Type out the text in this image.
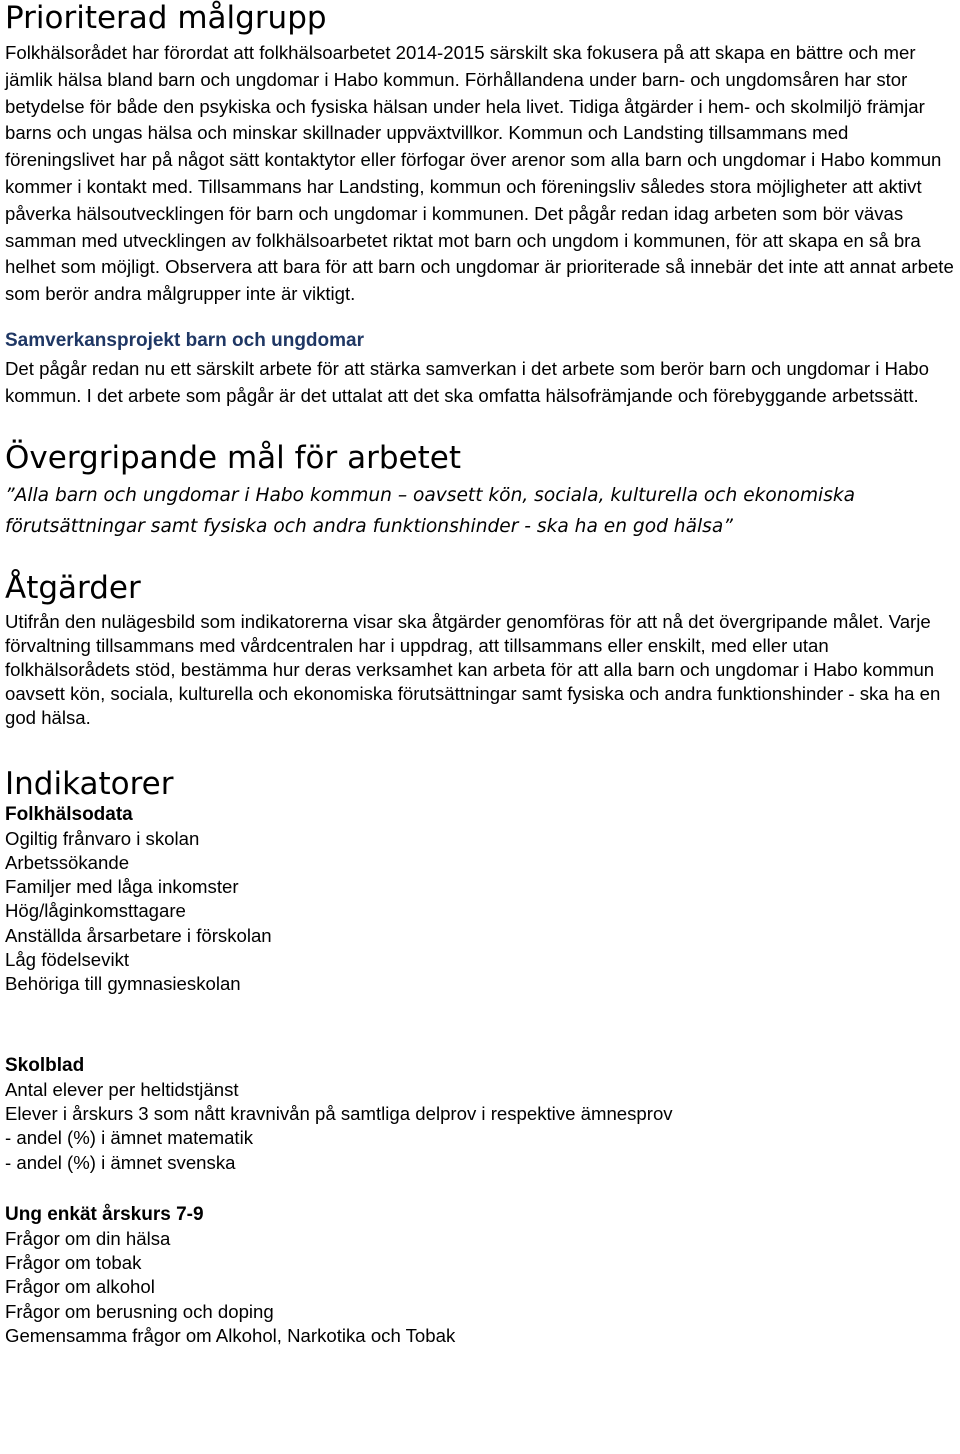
Prioriterad målgrupp

Folkhälsorådet har förordat att folkhälsoarbetet 2014-2015 särskilt ska fokusera på att skapa en bättre och mer jämlik hälsa bland barn och ungdomar i Habo kommun. Förhållandena under barn- och ungdomsåren har stor betydelse för både den psykiska och fysiska hälsan under hela livet. Tidiga åtgärder i hem- och skolmiljö främjar barns och ungas hälsa och minskar skillnader uppväxtvillkor. Kommun och Landsting tillsammans med föreningslivet har på något sätt kontaktytor eller förfogar över arenor som alla barn och ungdomar i Habo kommun kommer i kontakt med. Tillsammans har Landsting, kommun och föreningsliv således stora möjligheter att aktivt påverka hälsoutvecklingen för barn och ungdomar i kommunen. Det pågår redan idag arbeten som bör vävas samman med utvecklingen av folkhälsoarbetet riktat mot barn och ungdom i kommunen, för att skapa en så bra helhet som möjligt. Observera att bara för att barn och ungdomar är prioriterade så innebär det inte att annat arbete som berör andra målgrupper inte är viktigt.

Samverkansprojekt barn och ungdomar

Det pågår redan nu ett särskilt arbete för att stärka samverkan i det arbete som berör barn och ungdomar i Habo kommun. I det arbete som pågår är det uttalat att det ska omfatta hälsofrämjande och förebyggande arbetssätt.

Övergripande mål för arbetet

”Alla barn och ungdomar i Habo kommun – oavsett kön, sociala, kulturella och ekonomiska förutsättningar samt fysiska och andra funktionshinder - ska ha en god hälsa”

Åtgärder

Utifrån den nulägesbild som indikatorerna visar ska åtgärder genomföras för att nå det övergripande målet. Varje förvaltning tillsammans med vårdcentralen har i uppdrag, att tillsammans eller enskilt, med eller utan folkhälsorådets stöd, bestämma hur deras verksamhet kan arbeta för att alla barn och ungdomar i Habo kommun oavsett kön, sociala, kulturella och ekonomiska förutsättningar samt fysiska och andra funktionshinder - ska ha en god hälsa.

Indikatorer
Folkhälsodata
Ogiltig frånvaro i skolan
Arbetssökande
Familjer med låga inkomster
Hög/låginkomsttagare
Anställda årsarbetare i förskolan
Låg födelsevikt
Behöriga till gymnasieskolan
Skolblad
Antal elever per heltidstjänst
Elever i årskurs 3 som nått kravnivån på samtliga delprov i respektive ämnesprov
- andel (%) i ämnet matematik
- andel (%) i ämnet svenska
Ung enkät årskurs 7-9
Frågor om din hälsa
Frågor om tobak
Frågor om alkohol
Frågor om berusning och doping
Gemensamma frågor om Alkohol, Narkotika och Tobak
